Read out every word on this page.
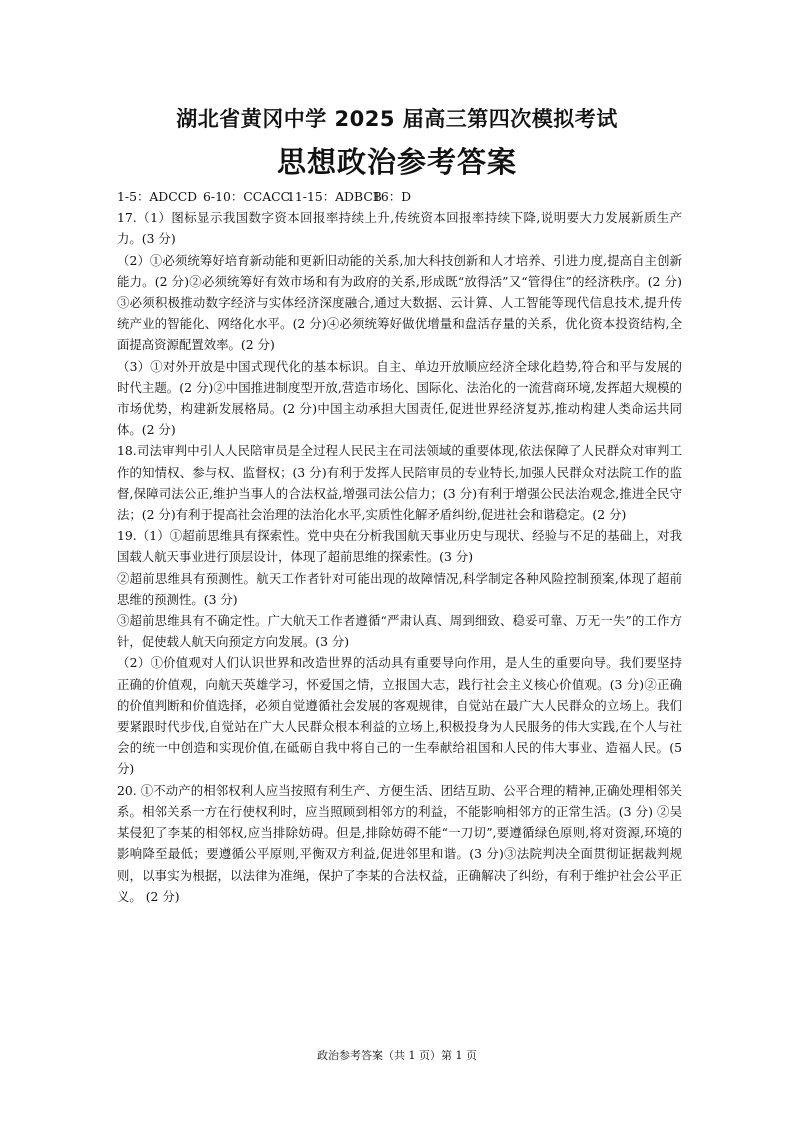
湖北省黄冈中学 2025 届高三第四次模拟考试
思想政治参考答案
1-5：ADCCD 6-10：CCACC
11-15：ADBCB
16：D

17.（1）图标显示我国数字资本回报率持续上升,传统资本回报率持续下降,说明要大力发展新质生产力。(3 分)

（2）①必须统筹好培育新动能和更新旧动能的关系,加大科技创新和人才培养、引进力度,提高自主创新能力。(2 分)②必须统筹好有效市场和有为政府的关系,形成既“放得活”又“管得住”的经济秩序。(2 分) ③必须积极推动数字经济与实体经济深度融合,通过大数据、云计算、人工智能等现代信息技术,提升传统产业的智能化、网络化水平。(2 分)④必须统筹好做优增量和盘活存量的关系，优化资本投资结构,全面提高资源配置效率。(2 分)

（3）①对外开放是中国式现代化的基本标识。自主、单边开放顺应经济全球化趋势,符合和平与发展的时代主题。(2 分)②中国推进制度型开放,营造市场化、国际化、法治化的一流营商环境,发挥超大规模的市场优势，构建新发展格局。(2 分)中国主动承担大国责任,促进世界经济复苏,推动构建人类命运共同体。(2 分)

18.司法审判中引人人民陪审员是全过程人民民主在司法领域的重要体现,依法保障了人民群众对审判工作的知情权、参与权、监督权；(3 分)有利于发挥人民陪审员的专业特长,加强人民群众对法院工作的监督,保障司法公正,维护当事人的合法权益,增强司法公信力；(3 分)有利于增强公民法治观念,推进全民守法；(2 分)有利于提高社会治理的法治化水平,实质性化解矛盾纠纷,促进社会和谐稳定。(2 分)

19.（1）①超前思维具有探索性。党中央在分析我国航天事业历史与现状、经验与不足的基础上，对我国载人航天事业进行顶层设计，体现了超前思维的探索性。(3 分)

②超前思维具有预测性。航天工作者针对可能出现的故障情况,科学制定各种风险控制预案,体现了超前思维的预测性。(3 分)

③超前思维具有不确定性。广大航天工作者遵循“严肃认真、周到细致、稳妥可靠、万无一失”的工作方针，促使载人航天向预定方向发展。(3 分)

（2）①价值观对人们认识世界和改造世界的活动具有重要导向作用，是人生的重要向导。我们要坚持正确的价值观，向航天英雄学习，怀爱国之情，立报国大志，践行社会主义核心价值观。(3 分)②正确的价值判断和价值选择，必须自觉遵循社会发展的客观规律，自觉站在最广大人民群众的立场上。我们要紧跟时代步伐,自觉站在广大人民群众根本利益的立场上,积极投身为人民服务的伟大实践,在个人与社会的统一中创造和实现价值,在砥砺自我中将自己的一生奉献给祖国和人民的伟大事业、造福人民。(5 分)

20. ①不动产的相邻权利人应当按照有利生产、方便生活、团结互助、公平合理的精神,正确处理相邻关系。相邻关系一方在行使权利时，应当照顾到相邻方的利益，不能影响相邻方的正常生活。(3 分) ②吴某侵犯了李某的相邻权,应当排除妨碍。但是,排除妨碍不能“一刀切”,要遵循绿色原则,将对资源,环境的影响降至最低；要遵循公平原则,平衡双方利益,促进邻里和谐。(3 分)③法院判决全面贯彻证据裁判规则，以事实为根据，以法律为准绳，保护了李某的合法权益，正确解决了纠纷，有利于维护社会公平正义。 (2 分)

政治参考答案（共 1 页）第 1 页
